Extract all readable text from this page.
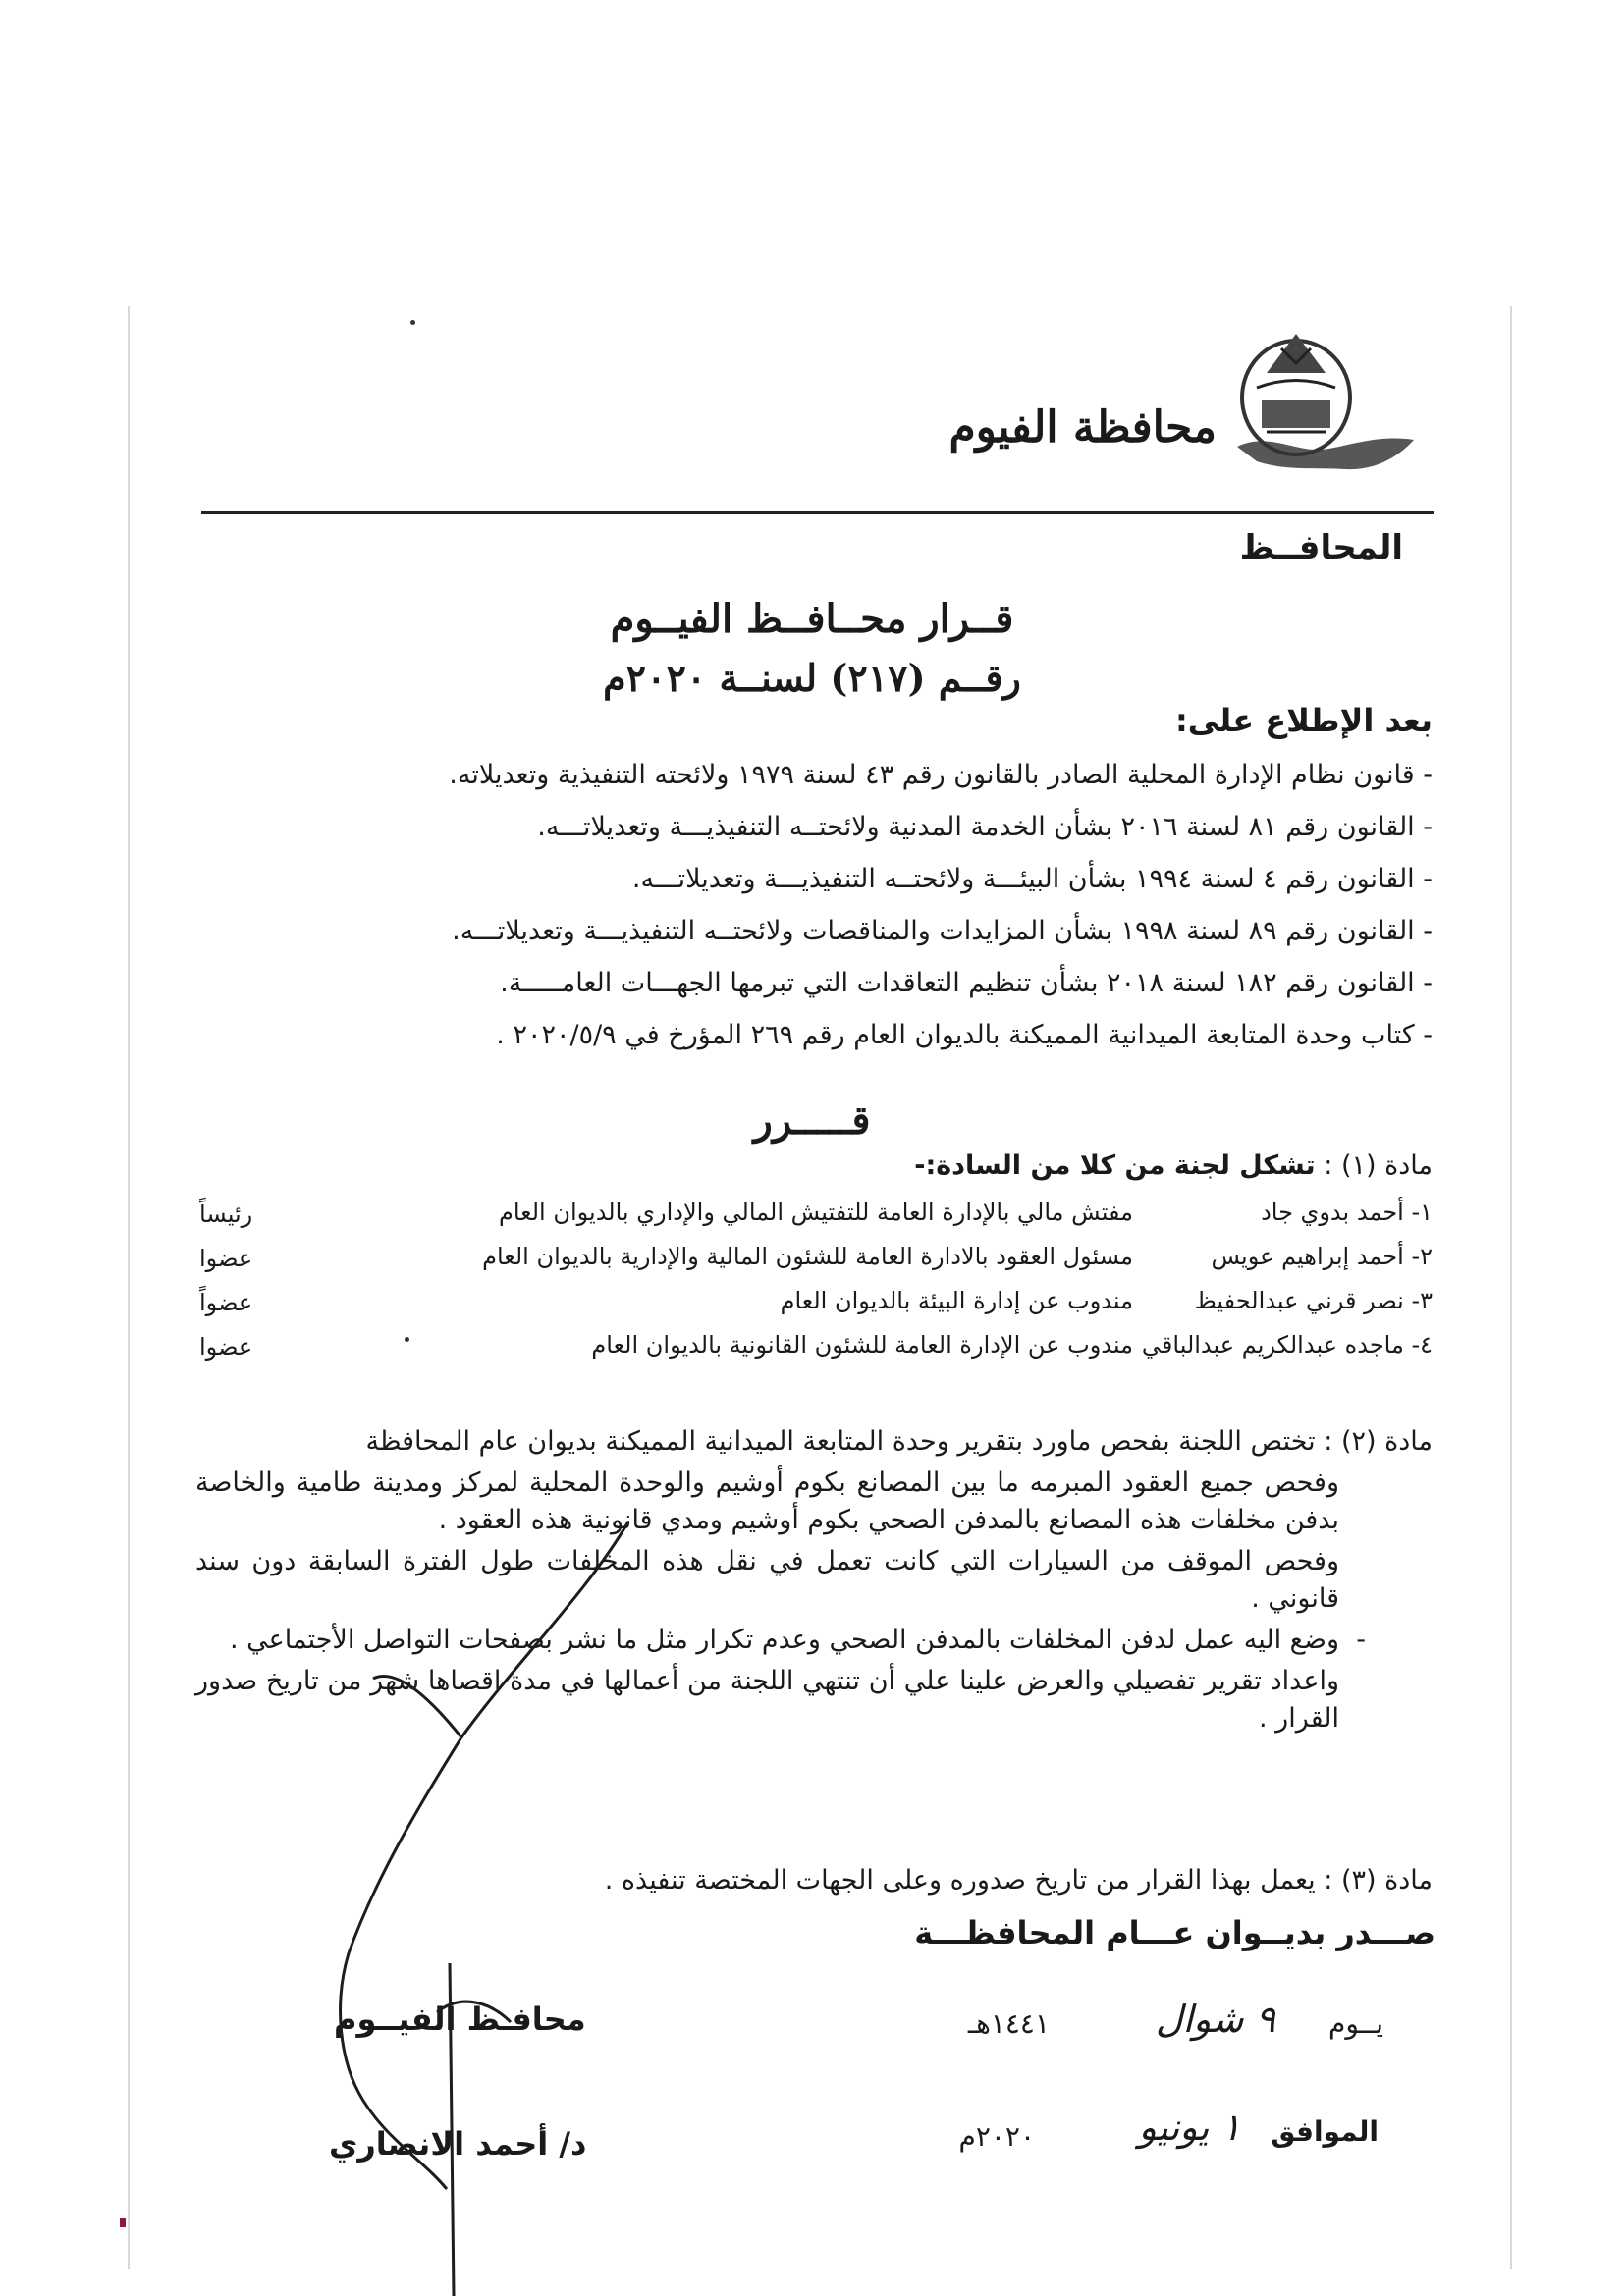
محافظة الفيوم
المحافــظ
قــرار محــافــظ الفيــوم
رقــم (٢١٧) لسنــة ٢٠٢٠م
بعد الإطلاع على:
- قانون نظام الإدارة المحلية الصادر بالقانون رقم ٤٣ لسنة ١٩٧٩ ولائحته التنفيذية وتعديلاته.
- القانون رقم ٨١ لسنة ٢٠١٦ بشأن الخدمة المدنية ولائحتــه التنفيذيـــة وتعديلاتـــه.
- القانون رقم ٤ لسنة ١٩٩٤ بشأن البيئـــة ولائحتــه التنفيذيـــة وتعديلاتـــه.
- القانون رقم ٨٩ لسنة ١٩٩٨ بشأن المزايدات والمناقصات ولائحتــه التنفيذيـــة وتعديلاتـــه.
- القانون رقم ١٨٢ لسنة ٢٠١٨ بشأن تنظيم التعاقدات التي تبرمها الجهـــات العامـــــة.
- كتاب وحدة المتابعة الميدانية المميكنة بالديوان العام رقم ٢٦٩ المؤرخ في ٢٠٢٠/٥/٩ .
قـــــرر
مادة (١) : تشكل لجنة من كلا من السادة:-
١- أحمد بدوي جاد
مفتش مالي بالإدارة العامة للتفتيش المالي والإداري بالديوان العام
رئيساً
٢- أحمد إبراهيم عويس
مسئول العقود بالادارة العامة للشئون المالية والإدارية بالديوان العام
عضوا
٣- نصر قرني عبدالحفيظ
مندوب عن إدارة البيئة بالديوان العام
عضواً
٤- ماجده عبدالكريم عبدالباقي
مندوب عن الإدارة العامة للشئون القانونية بالديوان العام
عضوا

مادة (٢) : تختص اللجنة بفحص ماورد بتقرير وحدة المتابعة الميدانية المميكنة بديوان عام المحافظة

وفحص جميع العقود المبرمه ما بين المصانع بكوم أوشيم والوحدة المحلية لمركز ومدينة طامية والخاصة بدفن مخلفات هذه المصانع بالمدفن الصحي بكوم أوشيم ومدي قانونية هذه العقود .

وفحص الموقف من السيارات التي كانت تعمل في نقل هذه المخلفات طول الفترة السابقة دون سند قانوني .

- وضع اليه عمل لدفن المخلفات بالمدفن الصحي وعدم تكرار مثل ما نشر بصفحات التواصل الأجتماعي .

واعداد تقرير تفصيلي والعرض علينا علي أن تنتهي اللجنة من أعمالها في مدة اقصاها شهر من تاريخ صدور القرار .

مادة (٣) : يعمل بهذا القرار من تاريخ صدوره وعلى الجهات المختصة تنفيذه .
صـــدر بديــوان عـــام المحافظـــة
يــوم
٩ شوال
١٤٤١هـ
الموافق
١ يونيو
٢٠٢٠م
محافـظ الفيــوم
د/ أحمد الانصاري
